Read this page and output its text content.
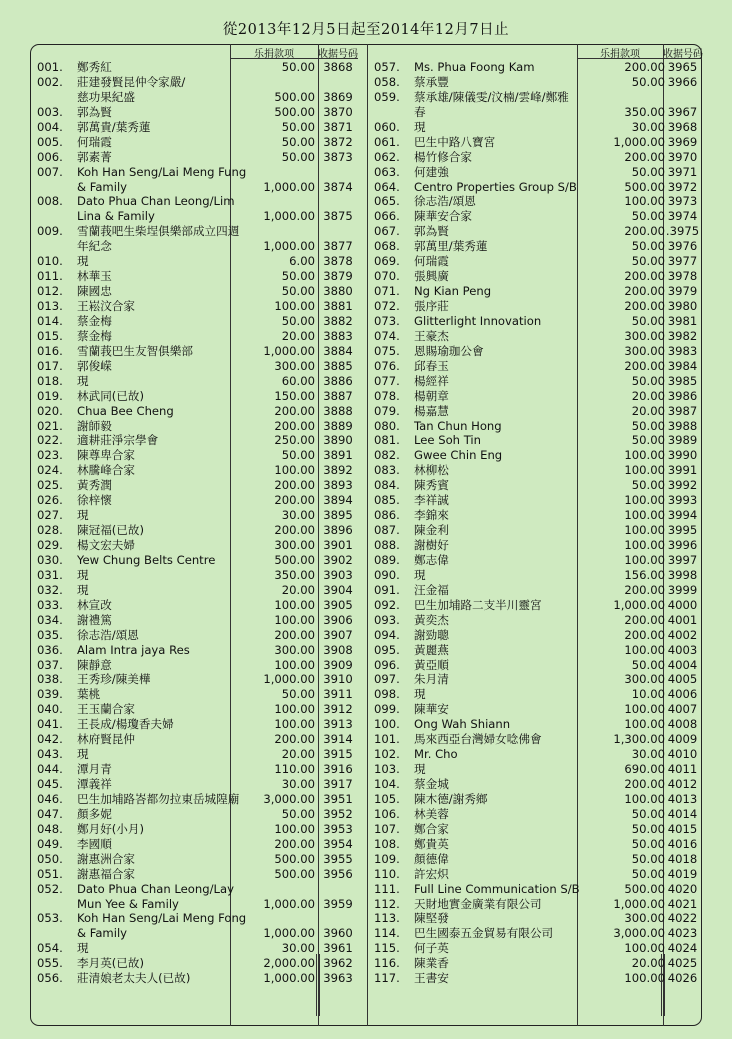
從2013年12月5日起至2014年12月7日止
乐捐款项	收据号码
001.	鄭秀紅	50.00 3868
002.	莊建發賢昆仲令家嚴/
慈功果紀盛	500.00 3869
003.	郭為賢	500.00 3870
004.	郭萬貴/葉秀蓮	50.00 3871
005.	何瑞霞	50.00 3872
006.	郭素菁	50.00 3873
007.	Koh Han Seng/Lai Meng Fung
& Family	1,000.00 3874
008.	Dato Phua Chan Leong/Lim
Lina & Family	1,000.00 3875
009.	雪蘭莪吧生柴埕俱樂部成立四週
年紀念	1,000.00 3877
010.	現	6.00 3878
011.	林華玉	50.00 3879
012.	陳國忠	50.00 3880
013.	王崧汶合家	100.00 3881
014.	蔡金梅	50.00 3882
015.	蔡金梅	20.00 3883
016.	雪蘭莪巴生友智俱樂部	1,000.00 3884
017.	郭俊嵘	300.00 3885
018.	現	60.00 3886
019.	林武同(已故)	150.00 3887
020.	Chua Bee Cheng	200.00 3888
021.	謝師毅	200.00 3889
022.	適耕莊淨宗學會	250.00 3890
023.	陳尊卑合家	50.00 3891
024.	林騰峰合家	100.00 3892
025.	黃秀潤	200.00 3893
026.	徐梓懷	200.00 3894
027.	現	30.00 3895
028.	陳冠福(已故)	200.00 3896
029.	楊文宏夫婦	300.00 3901
030.	Yew Chung Belts Centre	500.00 3902
031.	現	350.00 3903
032.	現	20.00 3904
033.	林宣改	100.00 3905
034.	謝禮篤	100.00 3906
035.	徐志浩/頌恩	200.00 3907
036.	Alam Intra jaya Res	300.00 3908
037.	陳靜意	100.00 3909
038.	王秀珍/陳美樺	1,000.00 3910
039.	葉桃	50.00 3911
040.	王玉蘭合家	100.00 3912
041.	王長成/楊瓊香夫婦	100.00 3913
042.	林府賢昆仲	200.00 3914
043.	現	20.00 3915
044.	潭月青	110.00 3916
045.	潭義祥	30.00 3917
046.	巴生加埔路峇都勿拉東岳城隍廟	3,000.00 3951
047.	顏多妮	50.00 3952
048.	鄭月好(小月)	100.00 3953
049.	李國順	200.00 3954
050.	謝惠洲合家	500.00 3955
051.	謝惠福合家	500.00 3956
052.	Dato Phua Chan Leong/Lay
Mun Yee & Family	1,000.00 3959
053.	Koh Han Seng/Lai Meng Fong
& Family	1,000.00 3960
054.	現	30.00 3961
055.	李月英(已故)	2,000.00 3962
056.	莊清娘老太夫人(已故)	1,000.00 3963
乐捐款项	收据号码
057.	Ms. Phua Foong Kam	200.00 3965
058.	蔡承豐	50.00 3966
059.	蔡承雄/陳儀雯/汶楠/雲峰/鄭雅
春	350.00 3967
060.	現	30.00 3968
061.	巴生中路八寶宮	1,000.00 3969
062.	楊竹修合家	200.00 3970
063.	何建強	50.00 3971
064.	Centro Properties Group S/B	500.00 3972
065.	徐志浩/頌恩	100.00 3973
066.	陳華安合家	50.00 3974
067.	郭為賢	200.00 .3975
068.	郭萬里/葉秀蓮	50.00 3976
069.	何瑞霞	50.00 3977
070.	張興廣	200.00 3978
071.	Ng Kian Peng	200.00 3979
072.	張序莊	200.00 3980
073.	Glitterlight Innovation	50.00 3981
074.	王豪杰	300.00 3982
075.	恩賜瑜珈公會	300.00 3983
076.	邱春玉	200.00 3984
077.	楊經祥	50.00 3985
078.	楊朝章	20.00 3986
079.	楊嘉慧	20.00 3987
080.	Tan Chun Hong	50.00 3988
081.	Lee Soh Tin	50.00 3989
082.	Gwee Chin Eng	100.00 3990
083.	林柳松	100.00 3991
084.	陳秀賓	50.00 3992
085.	李祥誠	100.00 3993
086.	李錦來	100.00 3994
087.	陳金利	100.00 3995
088.	謝樹好	100.00 3996
089.	鄭志偉	100.00 3997
090.	現	156.00 3998
091.	汪金福	200.00 3999
092.	巴生加埔路二支半川靈宮	1,000.00 4000
093.	黃奕杰	200.00 4001
094.	謝勁聰	200.00 4002
095.	黃麗燕	100.00 4003
096.	黃亞順	50.00 4004
097.	朱月清	300.00 4005
098.	現	10.00 4006
099.	陳華安	100.00 4007
100.	Ong Wah Shiann	100.00 4008
101.	馬來西亞台灣婦女唸佛會	1,300.00 4009
102.	Mr. Cho	30.00 4010
103.	現	690.00 4011
104.	蔡金城	200.00 4012
105.	陳木德/謝秀鄉	100.00 4013
106.	林美蓉	50.00 4014
107.	鄭合家	50.00 4015
108.	鄭貴英	50.00 4016
109.	顏德偉	50.00 4018
110.	許宏炽	50.00 4019
111.	Full Line Communication S/B	500.00 4020
112.	天財地實金廣業有限公司	1,000.00 4021
113.	陳堅發	300.00 4022
114.	巴生國泰五金貿易有限公司	3,000.00 4023
115.	何子英	100.00 4024
116.	陳業香	20.00 4025
117.	王書安	100.00 4026
